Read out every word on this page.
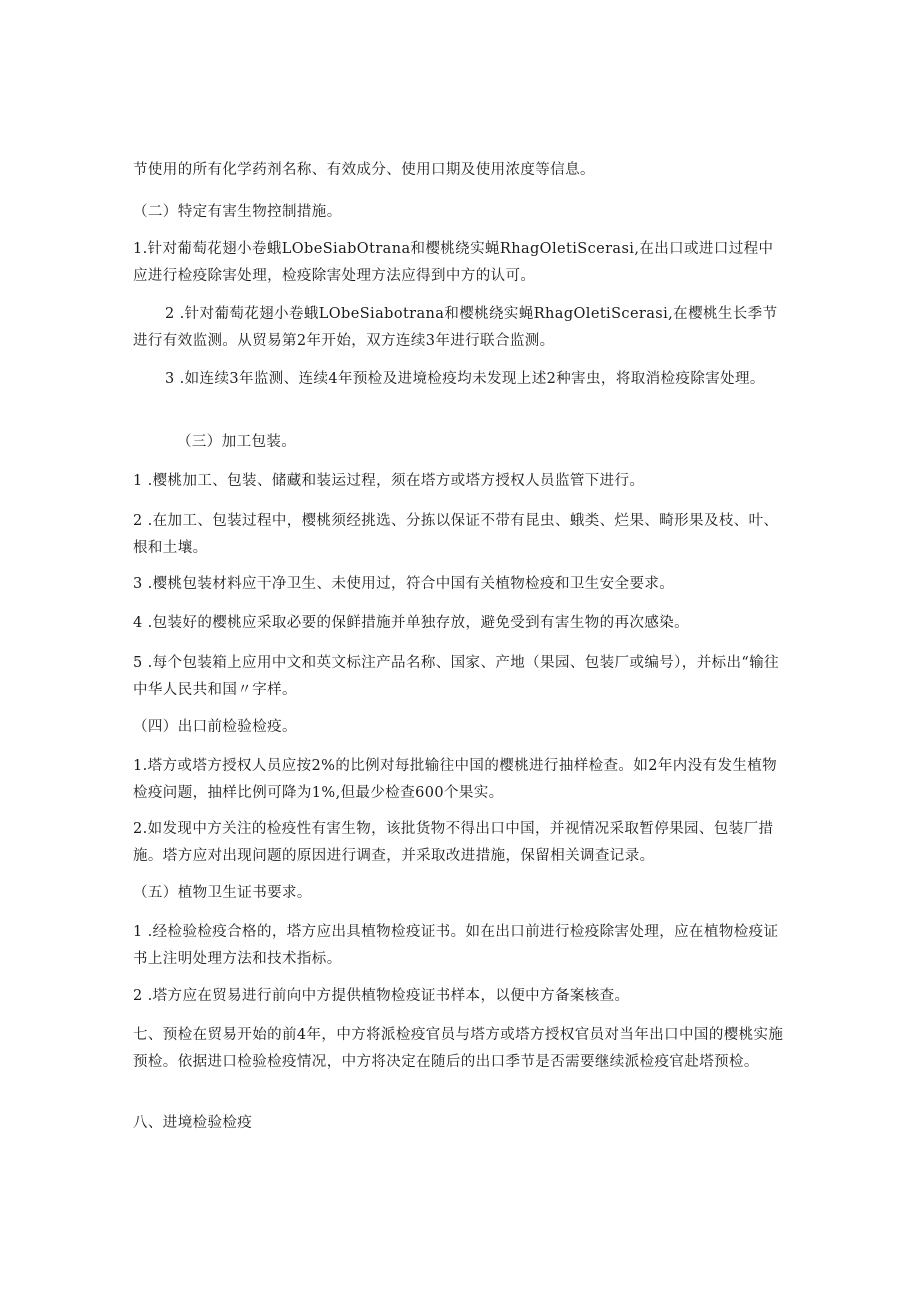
节使用的所有化学药剂名称、有效成分、使用口期及使用浓度等信息。

（二）特定有害生物控制措施。

1.针对葡萄花翅小卷蛾LObeSiabOtrana和樱桃绕实蝇RhagOletiScerasi,在出口或进口过程中应进行检疫除害处理，检疫除害处理方法应得到中方的认可。

2 .针对葡萄花翅小卷蛾LObeSiabotrana和樱桃绕实蝇RhagOletiScerasi,在樱桃生长季节进行有效监测。从贸易第2年开始，双方连续3年进行联合监测。

3 .如连续3年监测、连续4年预检及进境检疫均未发现上述2种害虫，将取消检疫除害处理。

（三）加工包装。

1 .樱桃加工、包装、储藏和装运过程，须在塔方或塔方授权人员监管下进行。

2 .在加工、包装过程中，樱桃须经挑选、分拣以保证不带有昆虫、蛾类、烂果、畸形果及枝、叶、根和土壤。

3 .樱桃包装材料应干净卫生、未使用过，符合中国有关植物检疫和卫生安全要求。

4 .包装好的樱桃应采取必要的保鲜措施并单独存放，避免受到有害生物的再次感染。

5 .每个包装箱上应用中文和英文标注产品名称、国家、产地（果园、包装厂或编号），并标出“输往中华人民共和国〃字样。

（四）出口前检验检疫。

1.塔方或塔方授权人员应按2%的比例对每批输往中国的樱桃进行抽样检查。如2年内没有发生植物检疫问题，抽样比例可降为1%,但最少检查600个果实。

2.如发现中方关注的检疫性有害生物，该批货物不得出口中国，并视情况采取暂停果园、包装厂措施。塔方应对出现问题的原因进行调查，并采取改进措施，保留相关调查记录。

（五）植物卫生证书要求。

1 .经检验检疫合格的，塔方应出具植物检疫证书。如在出口前进行检疫除害处理，应在植物检疫证书上注明处理方法和技术指标。

2 .塔方应在贸易进行前向中方提供植物检疫证书样本，以便中方备案核查。

七、预检在贸易开始的前4年，中方将派检疫官员与塔方或塔方授权官员对当年出口中国的樱桃实施预检。依据进口检验检疫情况，中方将决定在随后的出口季节是否需要继续派检疫官赴塔预检。

八、进境检验检疫
